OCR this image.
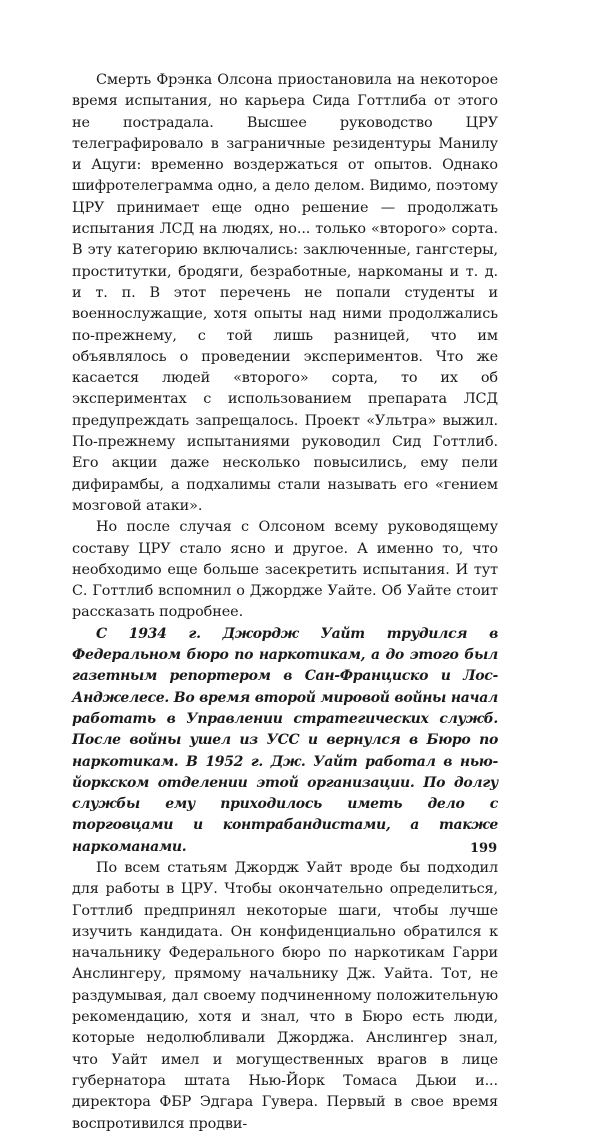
Смерть Фрэнка Олсона приостановила на некоторое время испытания, но карьера Сида Готтлиба от этого не пострадала. Высшее руководство ЦРУ телеграфировало в заграничные резидентуры Манилу и Ацуги: временно воздержаться от опытов. Однако шифротелеграмма одно, а дело делом. Видимо, поэтому ЦРУ принимает еще одно решение — продолжать испытания ЛСД на людях, но... только «второго» сорта. В эту категорию включались: заключенные, гангстеры, проститутки, бродяги, безработные, наркоманы и т. д. и т. п. В этот перечень не попали студенты и военнослужащие, хотя опыты над ними продолжались по-прежнему, с той лишь разницей, что им объявлялось о проведении экспериментов. Что же касается людей «второго» сорта, то их об экспериментах с использованием препарата ЛСД предупреждать запрещалось. Проект «Ультра» выжил. По-прежнему испытаниями руководил Сид Готтлиб. Его акции даже несколько повысились, ему пели дифирамбы, а подхалимы стали называть его «гением мозговой атаки».

Но после случая с Олсоном всему руководящему составу ЦРУ стало ясно и другое. А именно то, что необходимо еще больше засекретить испытания. И тут С. Готтлиб вспомнил о Джордже Уайте. Об Уайте стоит рассказать подробнее.

С 1934 г. Джордж Уайт трудился в Федеральном бюро по наркотикам, а до этого был газетным репортером в Сан-Франциско и Лос-Анджелесе. Во время второй мировой войны начал работать в Управлении стратегических служб. После войны ушел из УСС и вернулся в Бюро по наркотикам. В 1952 г. Дж. Уайт работал в нью-йоркском отделении этой организации. По долгу службы ему приходилось иметь дело с торговцами и контрабандистами, а также наркоманами.

По всем статьям Джордж Уайт вроде бы подходил для работы в ЦРУ. Чтобы окончательно определиться, Готтлиб предпринял некоторые шаги, чтобы лучше изучить кандидата. Он конфиденциально обратился к начальнику Федерального бюро по наркотикам Гарри Анслингеру, прямому начальнику Дж. Уайта. Тот, не раздумывая, дал своему подчиненному положительную рекомендацию, хотя и знал, что в Бюро есть люди, которые недолюбливали Джорджа. Анслингер знал, что Уайт имел и могущественных врагов в лице губернатора штата Нью-Йорк Томаса Дьюи и... директора ФБР Эдгара Гувера. Первый в свое время воспротивился продви-

199
